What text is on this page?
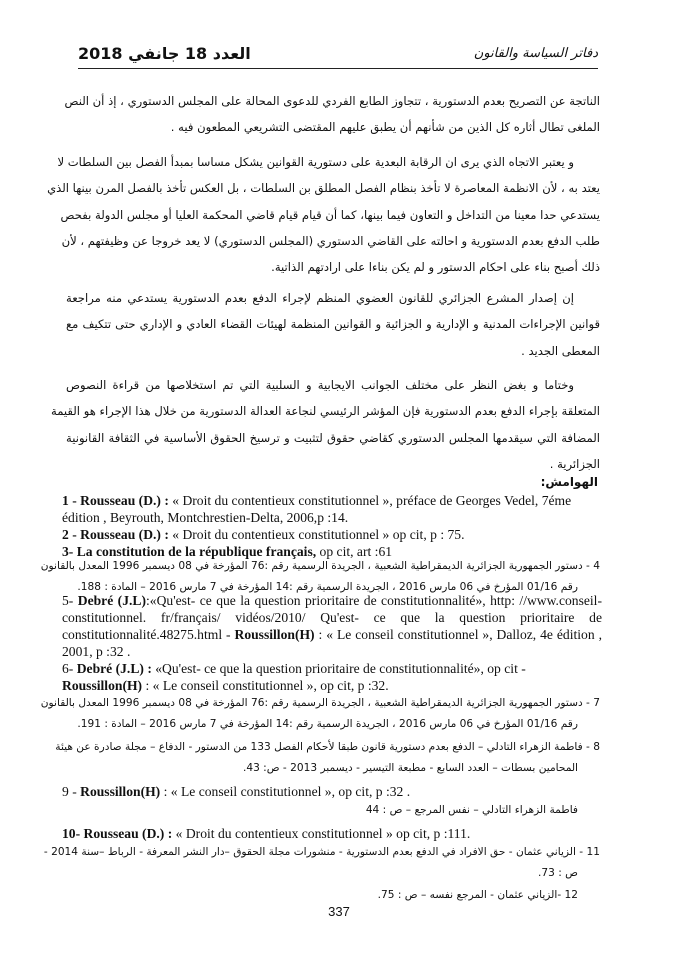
العدد 18 جانفي 2018	دفاتر السياسة والقانون
الناتجة عن التصريح بعدم الدستورية ، تتجاوز الطابع الفردي للدعوى المحالة على المجلس الدستوري ، إذ أن النص
الملغى تطال أثاره كل الذين من شأنهم أن يطبق عليهم المقتضى التشريعي المطعون فيه .
و يعتبر الاتجاه الذي يرى ان الرقابة البعدية على دستورية القوانين يشكل مساسا بمبدأ الفصل بين السلطات لا
يعتد به ، لأن الانظمة المعاصرة لا تأخذ بنظام الفصل المطلق بن السلطات ، بل العكس تأخذ بالفصل المرن بينها الذي
يستدعي حدا معينا من التداخل و التعاون فيما بينها، كما أن قيام قيام قاضي المحكمة العليا أو مجلس الدولة بفحص
طلب الدفع بعدم الدستورية و احالته على القاضي الدستوري (المجلس الدستوري) لا يعد خروجا عن وظيفتهم ، لأن
ذلك أصبح بناء على احكام الدستور و لم يكن بناءا على ارادتهم الذاتية.
إن إصدار المشرع الجزائري للقانون العضوي المنظم لإجراء الدفع بعدم الدستورية يستدعي منه مراجعة
قوانين الإجراءات المدنية و الإدارية و الجزائية و القوانين المنظمة لهيئات القضاء العادي و الإداري حتى تتكيف مع
المعطى الجديد .
وختاما و بغض النظر على مختلف الجوانب الايجابية و السلبية التي تم استخلاصها من قراءة النصوص
المتعلقة بإجراء الدفع بعدم الدستورية فإن المؤشر الرئيسي لنجاعة العدالة الدستورية من خلال هذا الإجراء هو القيمة
المضافة التي سيقدمها المجلس الدستوري كقاضي حقوق لتثبيت و ترسيخ الحقوق الأساسية في الثقافة القانونية
الجزائرية .
الهوامش:
1 - Rousseau (D.) : « Droit du contentieux constitutionnel », préface de Georges Vedel, 7éme édition , Beyrouth, Montchrestien-Delta, 2006,p :14.
2 - Rousseau (D.) : « Droit du contentieux constitutionnel » op cit, p : 75.
3- La constitution de la république français, op cit, art :61
4 - دستور الجمهورية الجزائرية الديمقراطية الشعبية ، الجريدة الرسمية رقم :76 المؤرخة في 08 ديسمبر 1996 المعدل بالقانون
رقم 01/16 المؤرخ في 06 مارس 2016 ، الجريدة الرسمية رقم :14 المؤرخة في 7 مارس 2016 – المادة : 188.
5- Debré (J.L):«Qu'est- ce que la question prioritaire de constitutionnalité», http: //www.conseil-constitutionnel. fr/français/ vidéos/2010/ Qu'est- ce que la question prioritaire de constitutionnalité.48275.html - Roussillon(H) : « Le conseil constitutionnel », Dalloz, 4e édition , 2001, p :32 .
6- Debré (J.L) : «Qu'est- ce que la question prioritaire de constitutionnalité», op cit - Roussillon(H) : « Le conseil constitutionnel », op cit, p :32.
7 - دستور الجمهورية الجزائرية الديمقراطية الشعبية ، الجريدة الرسمية رقم :76 المؤرخة في 08 ديسمبر 1996 المعدل بالقانون
رقم 01/16 المؤرخ في 06 مارس 2016 ، الجريدة الرسمية رقم :14 المؤرخة في 7 مارس 2016 – المادة : 191.
8 - فاطمة الزهراء التادلي – الدفع بعدم دستورية قانون طبقا لأحكام الفصل 133 من الدستور - الدفاع – مجلة صادرة عن هيئة
المحامين بسطات – العدد السابع - مطبعة التيسير - ديسمبر 2013 - ص: 43.
9 - Roussillon(H) : « Le conseil constitutionnel », op cit, p :32 .
فاطمة الزهراء التادلي – نفس المرجع – ص : 44
10- Rousseau (D.) : « Droit du contentieux constitutionnel » op cit, p :111.
11 - الزياني عثمان - حق الافراد في الدفع بعدم الدستورية - منشورات مجلة الحقوق –دار النشر المعرفة - الرباط –سنة 2014 -
ص : 73.
12 -الزياني عثمان - المرجع نفسه – ص : 75.
337
